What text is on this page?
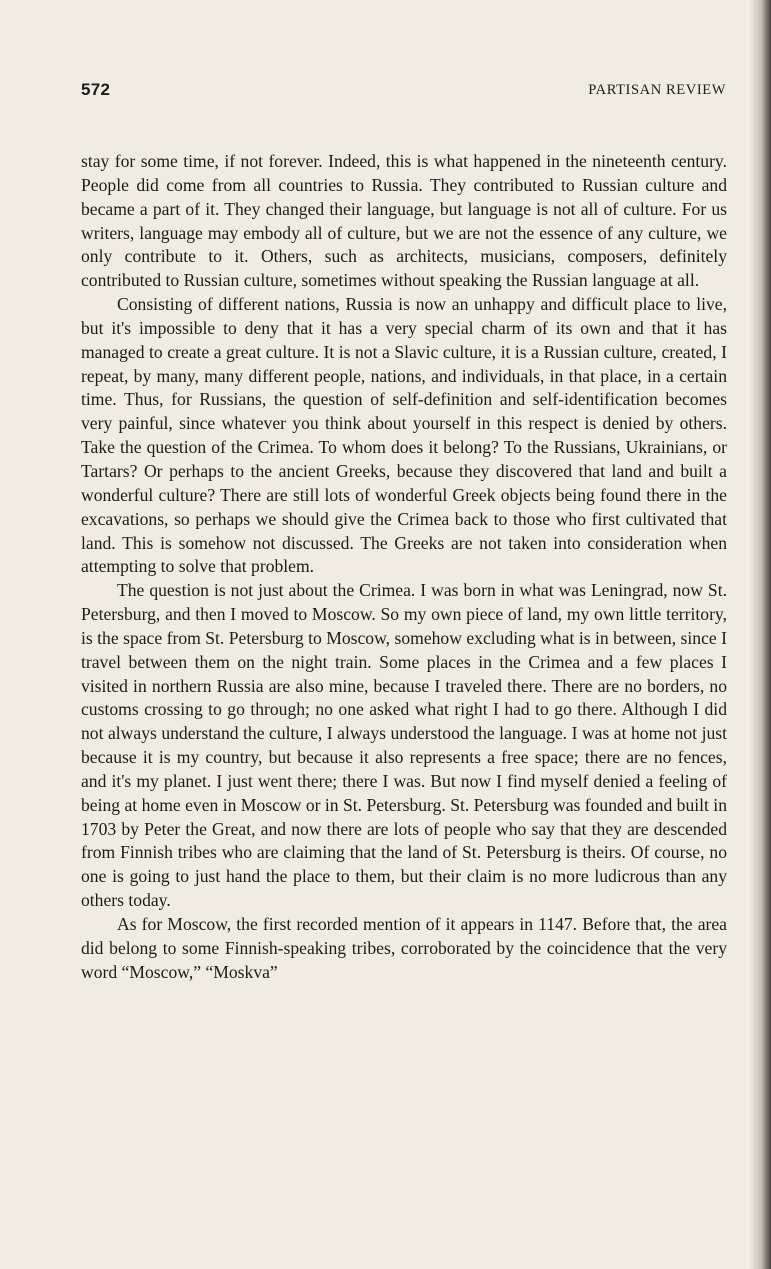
572	PARTISAN REVIEW

stay for some time, if not forever. Indeed, this is what happened in the nineteenth century. People did come from all countries to Russia. They contributed to Russian culture and became a part of it. They changed their language, but language is not all of culture. For us writers, language may embody all of culture, but we are not the essence of any culture, we only contribute to it. Others, such as architects, musicians, composers, definitely contributed to Russian culture, sometimes without speaking the Russian language at all.

Consisting of different nations, Russia is now an unhappy and difficult place to live, but it's impossible to deny that it has a very special charm of its own and that it has managed to create a great culture. It is not a Slavic culture, it is a Russian culture, created, I repeat, by many, many different people, nations, and individuals, in that place, in a certain time. Thus, for Russians, the question of self-definition and self-identification becomes very painful, since whatever you think about yourself in this respect is denied by others. Take the question of the Crimea. To whom does it belong? To the Russians, Ukrainians, or Tartars? Or perhaps to the ancient Greeks, because they discovered that land and built a wonderful culture? There are still lots of wonderful Greek objects being found there in the excavations, so perhaps we should give the Crimea back to those who first cultivated that land. This is somehow not discussed. The Greeks are not taken into consideration when attempting to solve that problem.

The question is not just about the Crimea. I was born in what was Leningrad, now St. Petersburg, and then I moved to Moscow. So my own piece of land, my own little territory, is the space from St. Petersburg to Moscow, somehow excluding what is in between, since I travel between them on the night train. Some places in the Crimea and a few places I visited in northern Russia are also mine, because I traveled there. There are no borders, no customs crossing to go through; no one asked what right I had to go there. Although I did not always understand the culture, I always understood the language. I was at home not just because it is my country, but because it also represents a free space; there are no fences, and it's my planet. I just went there; there I was. But now I find myself denied a feeling of being at home even in Moscow or in St. Petersburg. St. Petersburg was founded and built in 1703 by Peter the Great, and now there are lots of people who say that they are descended from Finnish tribes who are claiming that the land of St. Petersburg is theirs. Of course, no one is going to just hand the place to them, but their claim is no more ludicrous than any others today.

As for Moscow, the first recorded mention of it appears in 1147. Before that, the area did belong to some Finnish-speaking tribes, corroborated by the coincidence that the very word “Moscow,” “Moskva”
